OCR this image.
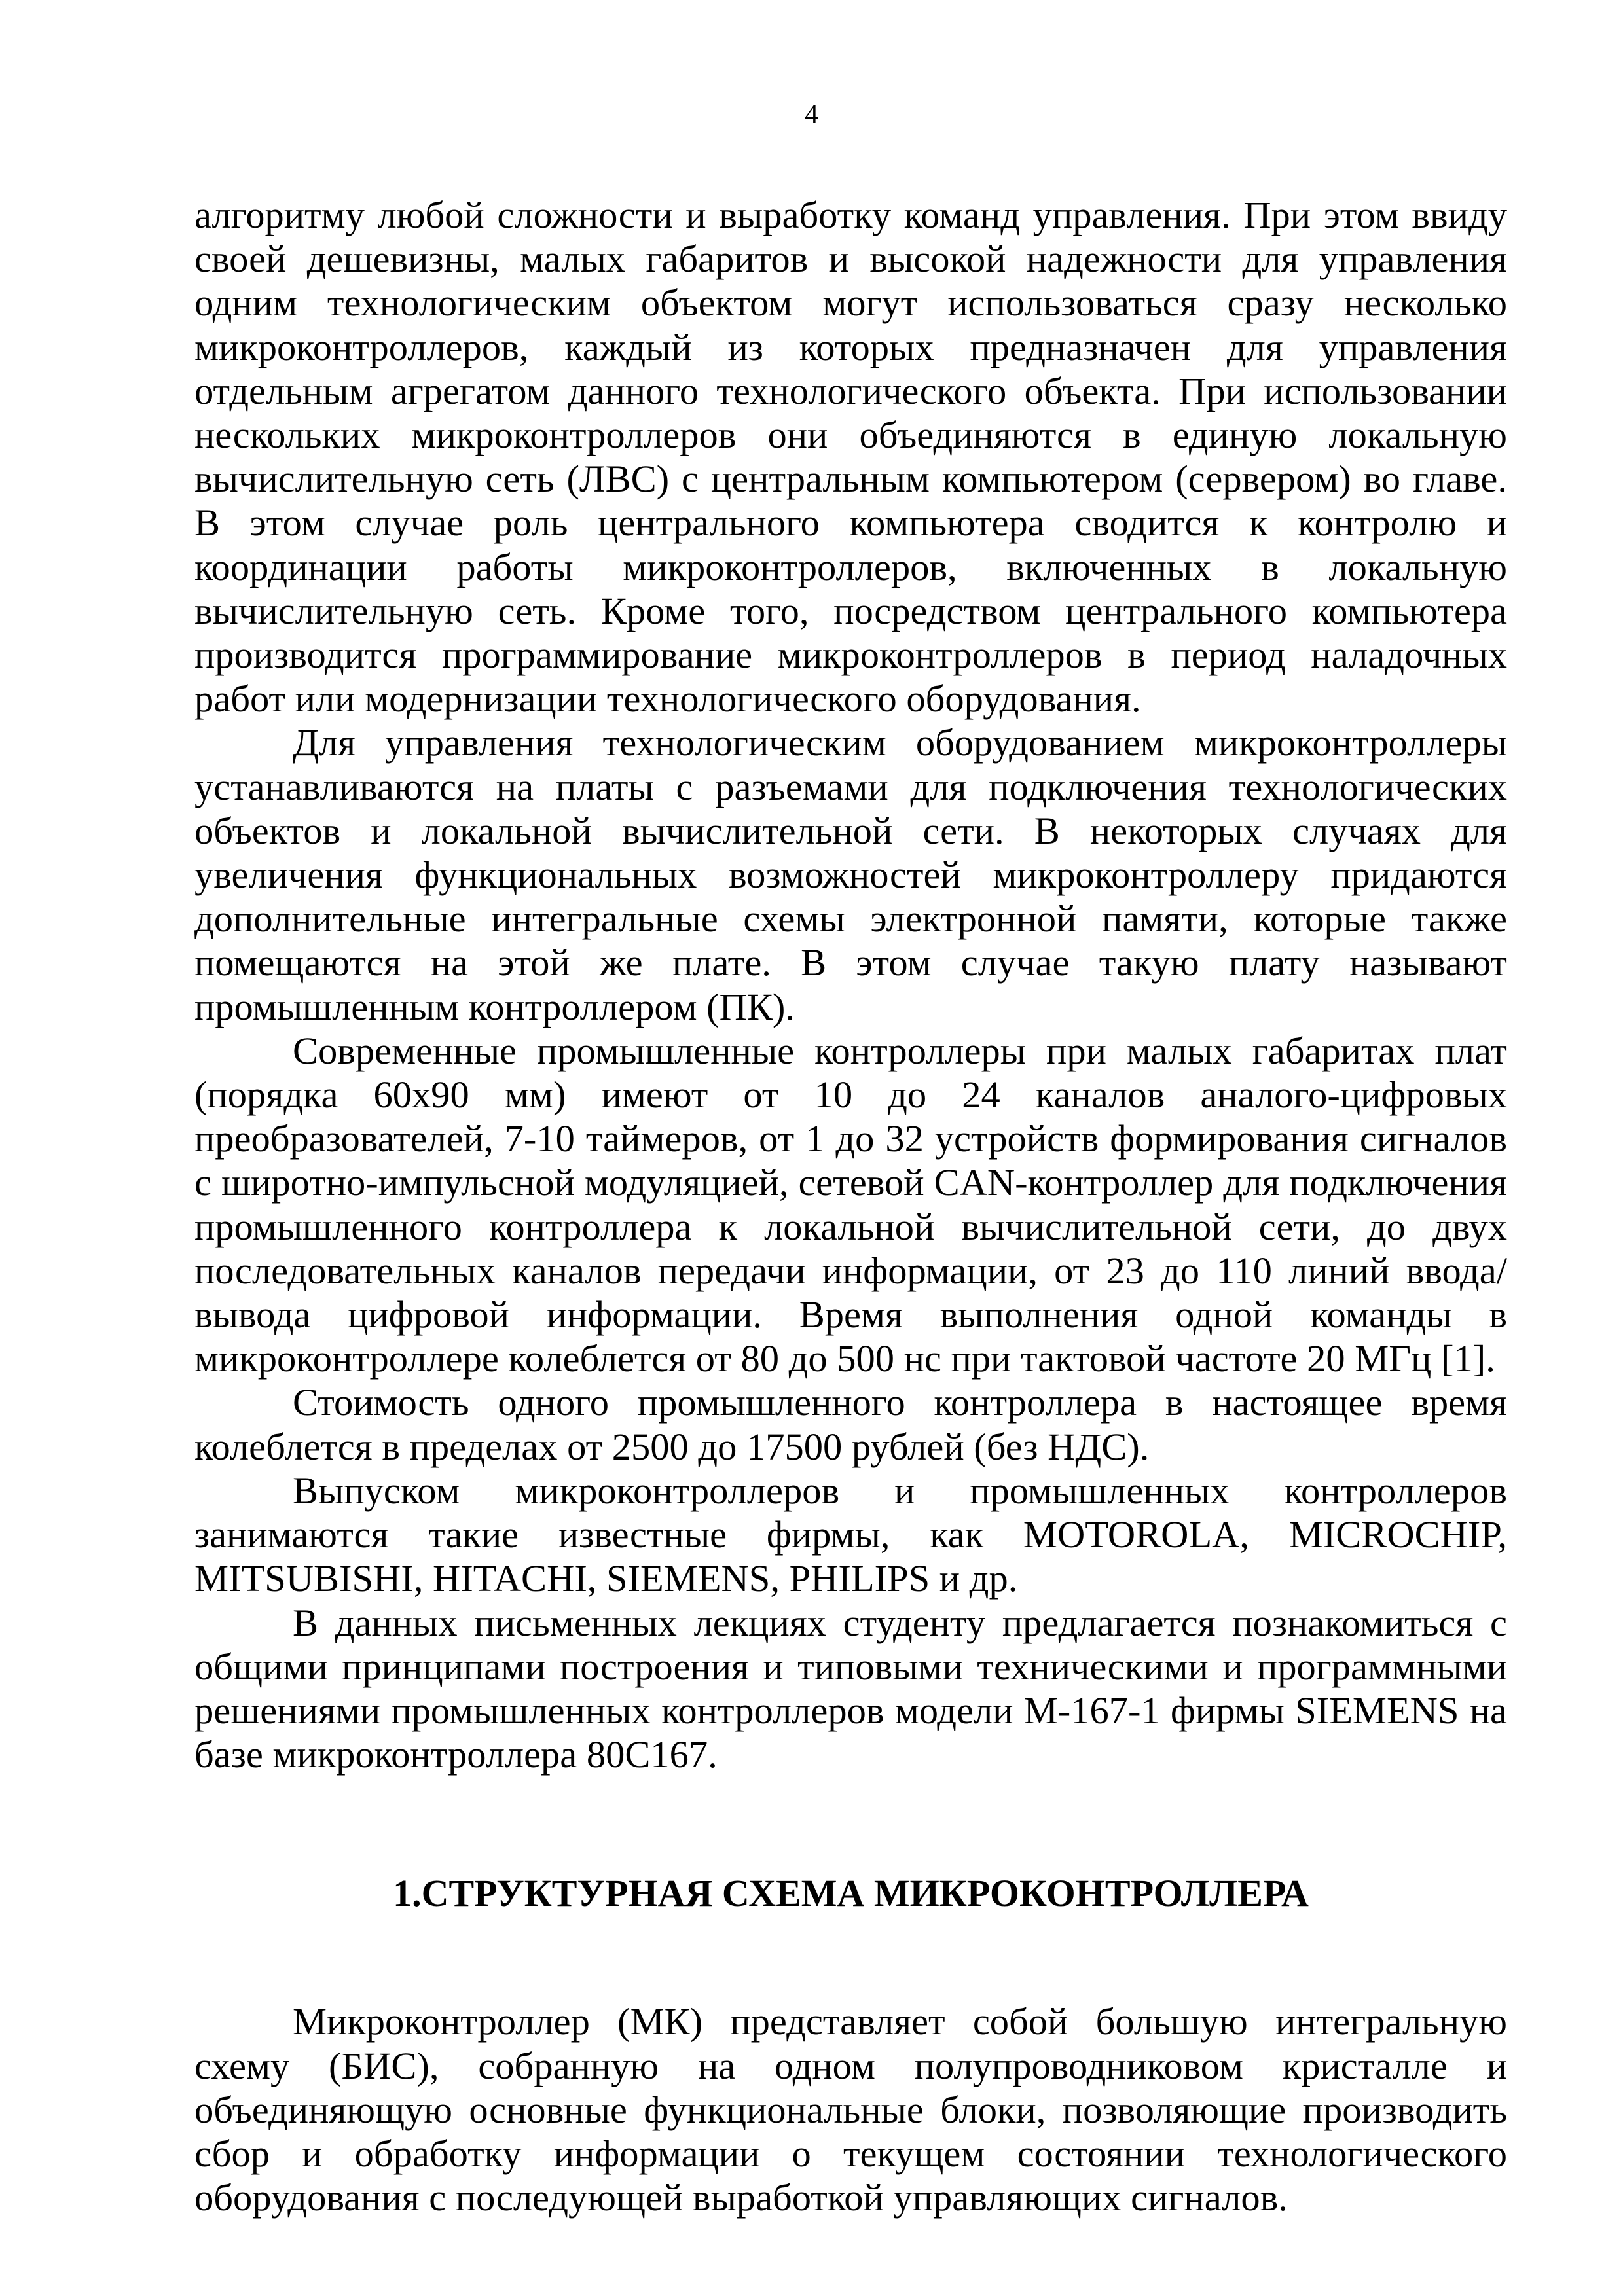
4

алгоритму любой сложности и выработку команд управления. При этом ввиду своей дешевизны, малых габаритов и высокой надежности для управления одним технологическим объектом могут использоваться сразу несколько микроконтроллеров, каждый из которых предназначен для управления отдельным агрегатом данного технологического объекта. При использовании нескольких микроконтроллеров они объединяются в единую локальную вычислительную сеть (ЛВС) с центральным компьютером (сервером) во главе. В этом случае роль центрального компьютера сводится к контролю и координации работы микроконтроллеров, включенных в локальную вычислительную сеть. Кроме того, посредством центрального компьютера производится программирование микроконтроллеров в период наладочных работ или модернизации технологического оборудования.

Для управления технологическим оборудованием микроконтроллеры устанавливаются на платы с разъемами для подключения технологических объектов и локальной вычислительной сети. В некоторых случаях для увеличения функциональных возможностей микроконтроллеру придаются дополнительные интегральные схемы электронной памяти, которые также помещаются на этой же плате. В этом случае такую плату называют промышленным контроллером (ПК).

Современные промышленные контроллеры при малых габаритах плат (порядка 60x90 мм) имеют от 10 до 24 каналов аналого-цифровых преобразователей, 7-10 таймеров, от 1 до 32 устройств формирования сигналов с широтно-импульсной модуляцией, сетевой CAN-контроллер для подключения промышленного контроллера к локальной вычислительной сети, до двух последовательных каналов передачи информации, от 23 до 110 линий ввода/вывода цифровой информации. Время выполнения одной команды в микроконтроллере колеблется от 80 до 500 нс при тактовой частоте 20 МГц [1].

Стоимость одного промышленного контроллера в настоящее время колеблется в пределах от 2500 до 17500 рублей (без НДС).

Выпуском микроконтроллеров и промышленных контроллеров занимаются такие известные фирмы, как MOTOROLA, MICROCHIP, MITSUBISHI, HITACHI, SIEMENS, PHILIPS и др.

В данных письменных лекциях студенту предлагается познакомиться с общими принципами построения и типовыми техническими и программными решениями промышленных контроллеров модели М-167-1 фирмы SIEMENS на базе микроконтроллера 80С167.

1.СТРУКТУРНАЯ СХЕМА МИКРОКОНТРОЛЛЕРА

Микроконтроллер (МК) представляет собой большую интегральную схему (БИС), собранную на одном полупроводниковом кристалле и объединяющую основные функциональные блоки, позволяющие производить сбор и обработку информации о текущем состоянии технологического оборудования с последующей выработкой управляющих сигналов.
